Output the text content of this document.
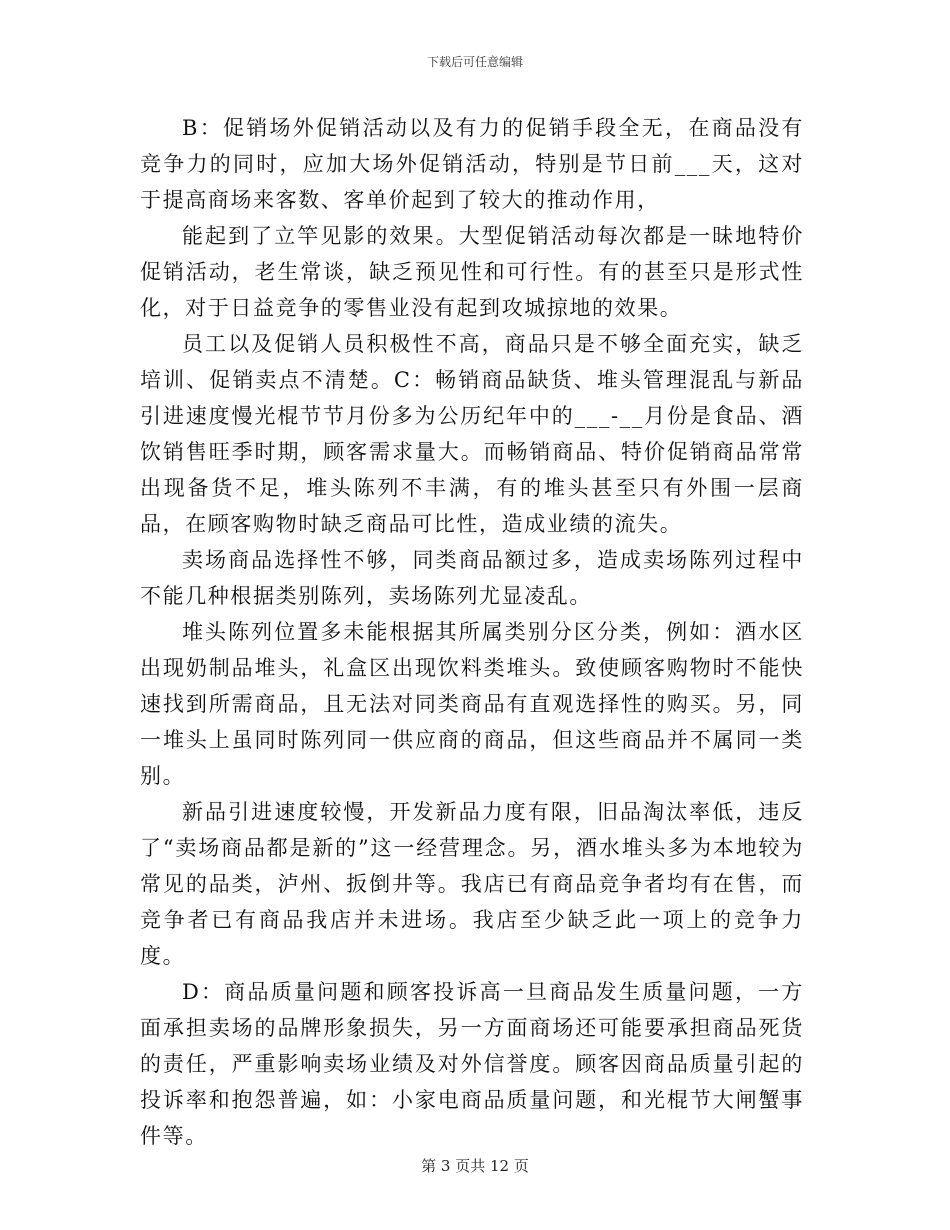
下载后可任意编辑

B：促销场外促销活动以及有力的促销手段全无，在商品没有竞争力的同时，应加大场外促销活动，特别是节日前___天，这对于提高商场来客数、客单价起到了较大的推动作用，

能起到了立竿见影的效果。大型促销活动每次都是一昧地特价促销活动，老生常谈，缺乏预见性和可行性。有的甚至只是形式性化，对于日益竞争的零售业没有起到攻城掠地的效果。

员工以及促销人员积极性不高，商品只是不够全面充实，缺乏培训、促销卖点不清楚。C：畅销商品缺货、堆头管理混乱与新品引进速度慢光棍节节月份多为公历纪年中的___-__月份是食品、酒饮销售旺季时期，顾客需求量大。而畅销商品、特价促销商品常常出现备货不足，堆头陈列不丰满，有的堆头甚至只有外围一层商品，在顾客购物时缺乏商品可比性，造成业绩的流失。

卖场商品选择性不够，同类商品额过多，造成卖场陈列过程中不能几种根据类别陈列，卖场陈列尤显凌乱。

堆头陈列位置多未能根据其所属类别分区分类，例如：酒水区出现奶制品堆头，礼盒区出现饮料类堆头。致使顾客购物时不能快速找到所需商品，且无法对同类商品有直观选择性的购买。另，同一堆头上虽同时陈列同一供应商的商品，但这些商品并不属同一类别。

新品引进速度较慢，开发新品力度有限，旧品淘汰率低，违反了“卖场商品都是新的”这一经营理念。另，酒水堆头多为本地较为常见的品类，泸州、扳倒井等。我店已有商品竞争者均有在售，而竞争者已有商品我店并未进场。我店至少缺乏此一项上的竞争力度。

D：商品质量问题和顾客投诉高一旦商品发生质量问题，一方面承担卖场的品牌形象损失，另一方面商场还可能要承担商品死货的责任，严重影响卖场业绩及对外信誉度。顾客因商品质量引起的投诉率和抱怨普遍，如：小家电商品质量问题，和光棍节大闸蟹事件等。

第 3 页共 12 页
